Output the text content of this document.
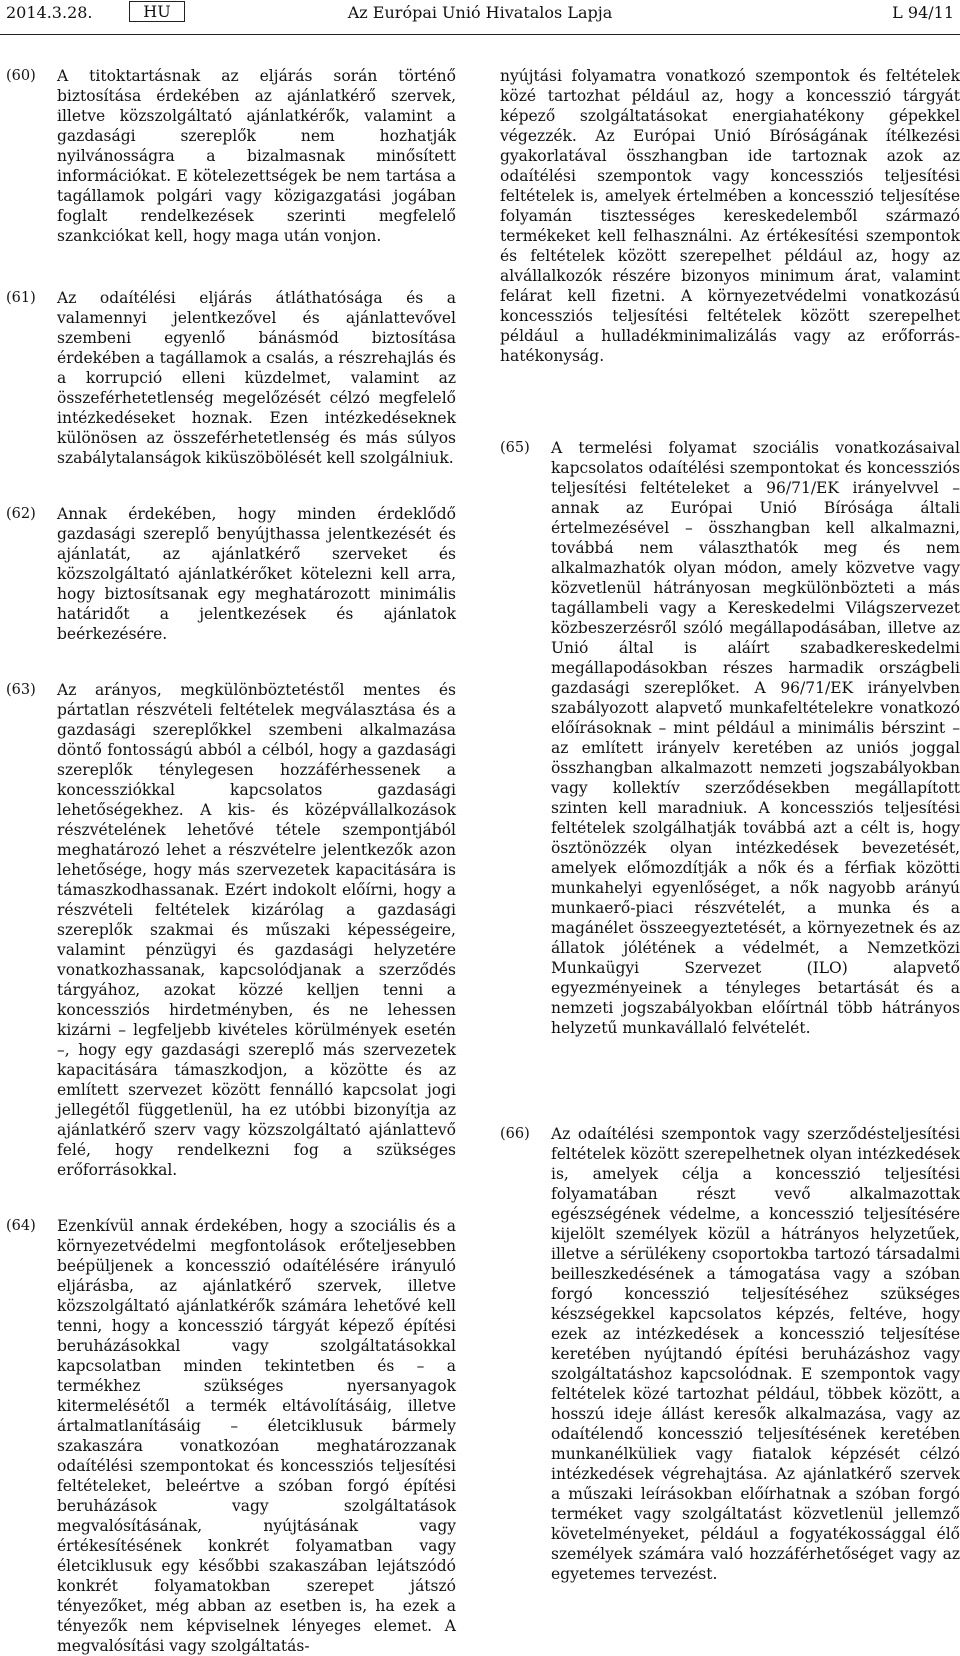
2014.3.28.	HU	Az Európai Unió Hivatalos Lapja	L 94/11
(60)	A titoktartásnak az eljárás során történő biztosítása érdekében az ajánlatkérő szervek, illetve közszolgáltató ajánlatkérők, valamint a gazdasági szereplők nem hozhatják nyilvánosságra a bizalmasnak minősített információkat. E kötelezettségek be nem tartása a tagállamok polgári vagy közigazgatási jogában foglalt rendelkezések szerinti megfelelő szankciókat kell, hogy maga után vonjon.

(61)	Az odaítélési eljárás átláthatósága és a valamennyi jelentkezővel és ajánlattevővel szembeni egyenlő bánásmód biztosítása érdekében a tagállamok a csalás, a részrehajlás és a korrupció elleni küzdelmet, valamint az összeférhetetlenség megelőzését célzó megfelelő intézkedéseket hoznak. Ezen intézkedéseknek különösen az összeférhetetlenség és más súlyos szabálytalanságok kiküszöbölését kell szolgálniuk.

(62)	Annak érdekében, hogy minden érdeklődő gazdasági szereplő benyújthassa jelentkezését és ajánlatát, az ajánlatkérő szerveket és közszolgáltató ajánlatkérőket kötelezni kell arra, hogy biztosítsanak egy meghatározott minimális határidőt a jelentkezések és ajánlatok beérkezésére.

(63)	Az arányos, megkülönböztetéstől mentes és pártatlan részvételi feltételek megválasztása és a gazdasági szereplőkkel szembeni alkalmazása döntő fontosságú abból a célból, hogy a gazdasági szereplők ténylegesen hozzáférhessenek a koncessziókkal kapcsolatos gazdasági lehetőségekhez. A kis- és középvállalkozások részvételének lehetővé tétele szempontjából meghatározó lehet a részvételre jelentkezők azon lehetősége, hogy más szervezetek kapacitására is támaszkodhassanak. Ezért indokolt előírni, hogy a részvételi feltételek kizárólag a gazdasági szereplők szakmai és műszaki képességeire, valamint pénzügyi és gazdasági helyzetére vonatkozhassanak, kapcsolódjanak a szerződés tárgyához, azokat közzé kelljen tenni a koncessziós hirdetményben, és ne lehessen kizárni – legfeljebb kivételes körülmények esetén –, hogy egy gazdasági szereplő más szervezetek kapacitására támaszkodjon, a közötte és az említett szervezet között fennálló kapcsolat jogi jellegétől függetlenül, ha ez utóbbi bizonyítja az ajánlatkérő szerv vagy közszolgáltató ajánlattevő felé, hogy rendelkezni fog a szükséges erőforrásokkal.

(64)	Ezenkívül annak érdekében, hogy a szociális és a környezetvédelmi megfontolások erőteljesebben beépüljenek a koncesszió odaítélésére irányuló eljárásba, az ajánlatkérő szervek, illetve közszolgáltató ajánlatkérők számára lehetővé kell tenni, hogy a koncesszió tárgyát képező építési beruházásokkal vagy szolgáltatásokkal kapcsolatban minden tekintetben és – a termékhez szükséges nyersanyagok kitermelésétől a termék eltávolításáig, illetve ártalmatlanításáig – életciklusuk bármely szakaszára vonatkozóan meghatározzanak odaítélési szempontokat és koncessziós teljesítési feltételeket, beleértve a szóban forgó építési beruházások vagy szolgáltatások megvalósításának, nyújtásának vagy értékesítésének konkrét folyamatban vagy életciklusuk egy későbbi szakaszában lejátszódó konkrét folyamatokban szerepet játszó tényezőket, még abban az esetben is, ha ezek a tényezők nem képviselnek lényeges elemet. A megvalósítási vagy szolgáltatás-

nyújtási folyamatra vonatkozó szempontok és feltételek közé tartozhat például az, hogy a koncesszió tárgyát képező szolgáltatásokat energiahatékony gépekkel végezzék. Az Európai Unió Bíróságának ítélkezési gyakorlatával összhangban ide tartoznak azok az odaítélési szempontok vagy koncessziós teljesítési feltételek is, amelyek értelmében a koncesszió teljesítése folyamán tisztességes kereskedelemből származó termékeket kell felhasználni. Az értékesítési szempontok és feltételek között szerepelhet például az, hogy az alvállalkozók részére bizonyos minimum árat, valamint felárat kell fizetni. A környezetvédelmi vonatkozású koncessziós teljesítési feltételek között szerepelhet például a hulladékminimalizálás vagy az erőforrás-hatékonyság.

(65)	A termelési folyamat szociális vonatkozásaival kapcsolatos odaítélési szempontokat és koncessziós teljesítési feltételeket a 96/71/EK irányelvvel – annak az Európai Unió Bírósága általi értelmezésével – összhangban kell alkalmazni, továbbá nem választhatók meg és nem alkalmazhatók olyan módon, amely közvetve vagy közvetlenül hátrányosan megkülönbözteti a más tagállambeli vagy a Kereskedelmi Világszervezet közbeszerzésről szóló megállapodásában, illetve az Unió által is aláírt szabadkereskedelmi megállapodásokban részes harmadik országbeli gazdasági szereplőket. A 96/71/EK irányelvben szabályozott alapvető munkafeltételekre vonatkozó előírásoknak – mint például a minimális bérszint – az említett irányelv keretében az uniós joggal összhangban alkalmazott nemzeti jogszabályokban vagy kollektív szerződésekben megállapított szinten kell maradniuk. A koncessziós teljesítési feltételek szolgálhatják továbbá azt a célt is, hogy ösztönözzék olyan intézkedések bevezetését, amelyek előmozdítják a nők és a férfiak közötti munkahelyi egyenlőséget, a nők nagyobb arányú munkaerő-piaci részvételét, a munka és a magánélet összeegyeztetését, a környezetnek és az állatok jólétének a védelmét, a Nemzetközi Munkaügyi Szervezet (ILO) alapvető egyezményeinek a tényleges betartását és a nemzeti jogszabályokban előírtnál több hátrányos helyzetű munkavállaló felvételét.

(66)	Az odaítélési szempontok vagy szerződésteljesítési feltételek között szerepelhetnek olyan intézkedések is, amelyek célja a koncesszió teljesítési folyamatában részt vevő alkalmazottak egészségének védelme, a koncesszió teljesítésére kijelölt személyek közül a hátrányos helyzetűek, illetve a sérülékeny csoportokba tartozó társadalmi beilleszkedésének a támogatása vagy a szóban forgó koncesszió teljesítéséhez szükséges készségekkel kapcsolatos képzés, feltéve, hogy ezek az intézkedések a koncesszió teljesítése keretében nyújtandó építési beruházáshoz vagy szolgáltatáshoz kapcsolódnak. E szempontok vagy feltételek közé tartozhat például, többek között, a hosszú ideje állást keresők alkalmazása, vagy az odaítélendő koncesszió teljesítésének keretében munkanélküliek vagy fiatalok képzését célzó intézkedések végrehajtása. Az ajánlatkérő szervek a műszaki leírásokban előírhatnak a szóban forgó terméket vagy szolgáltatást közvetlenül jellemző követelményeket, például a fogyatékossággal élő személyek számára való hozzáférhetőséget vagy az egyetemes tervezést.
